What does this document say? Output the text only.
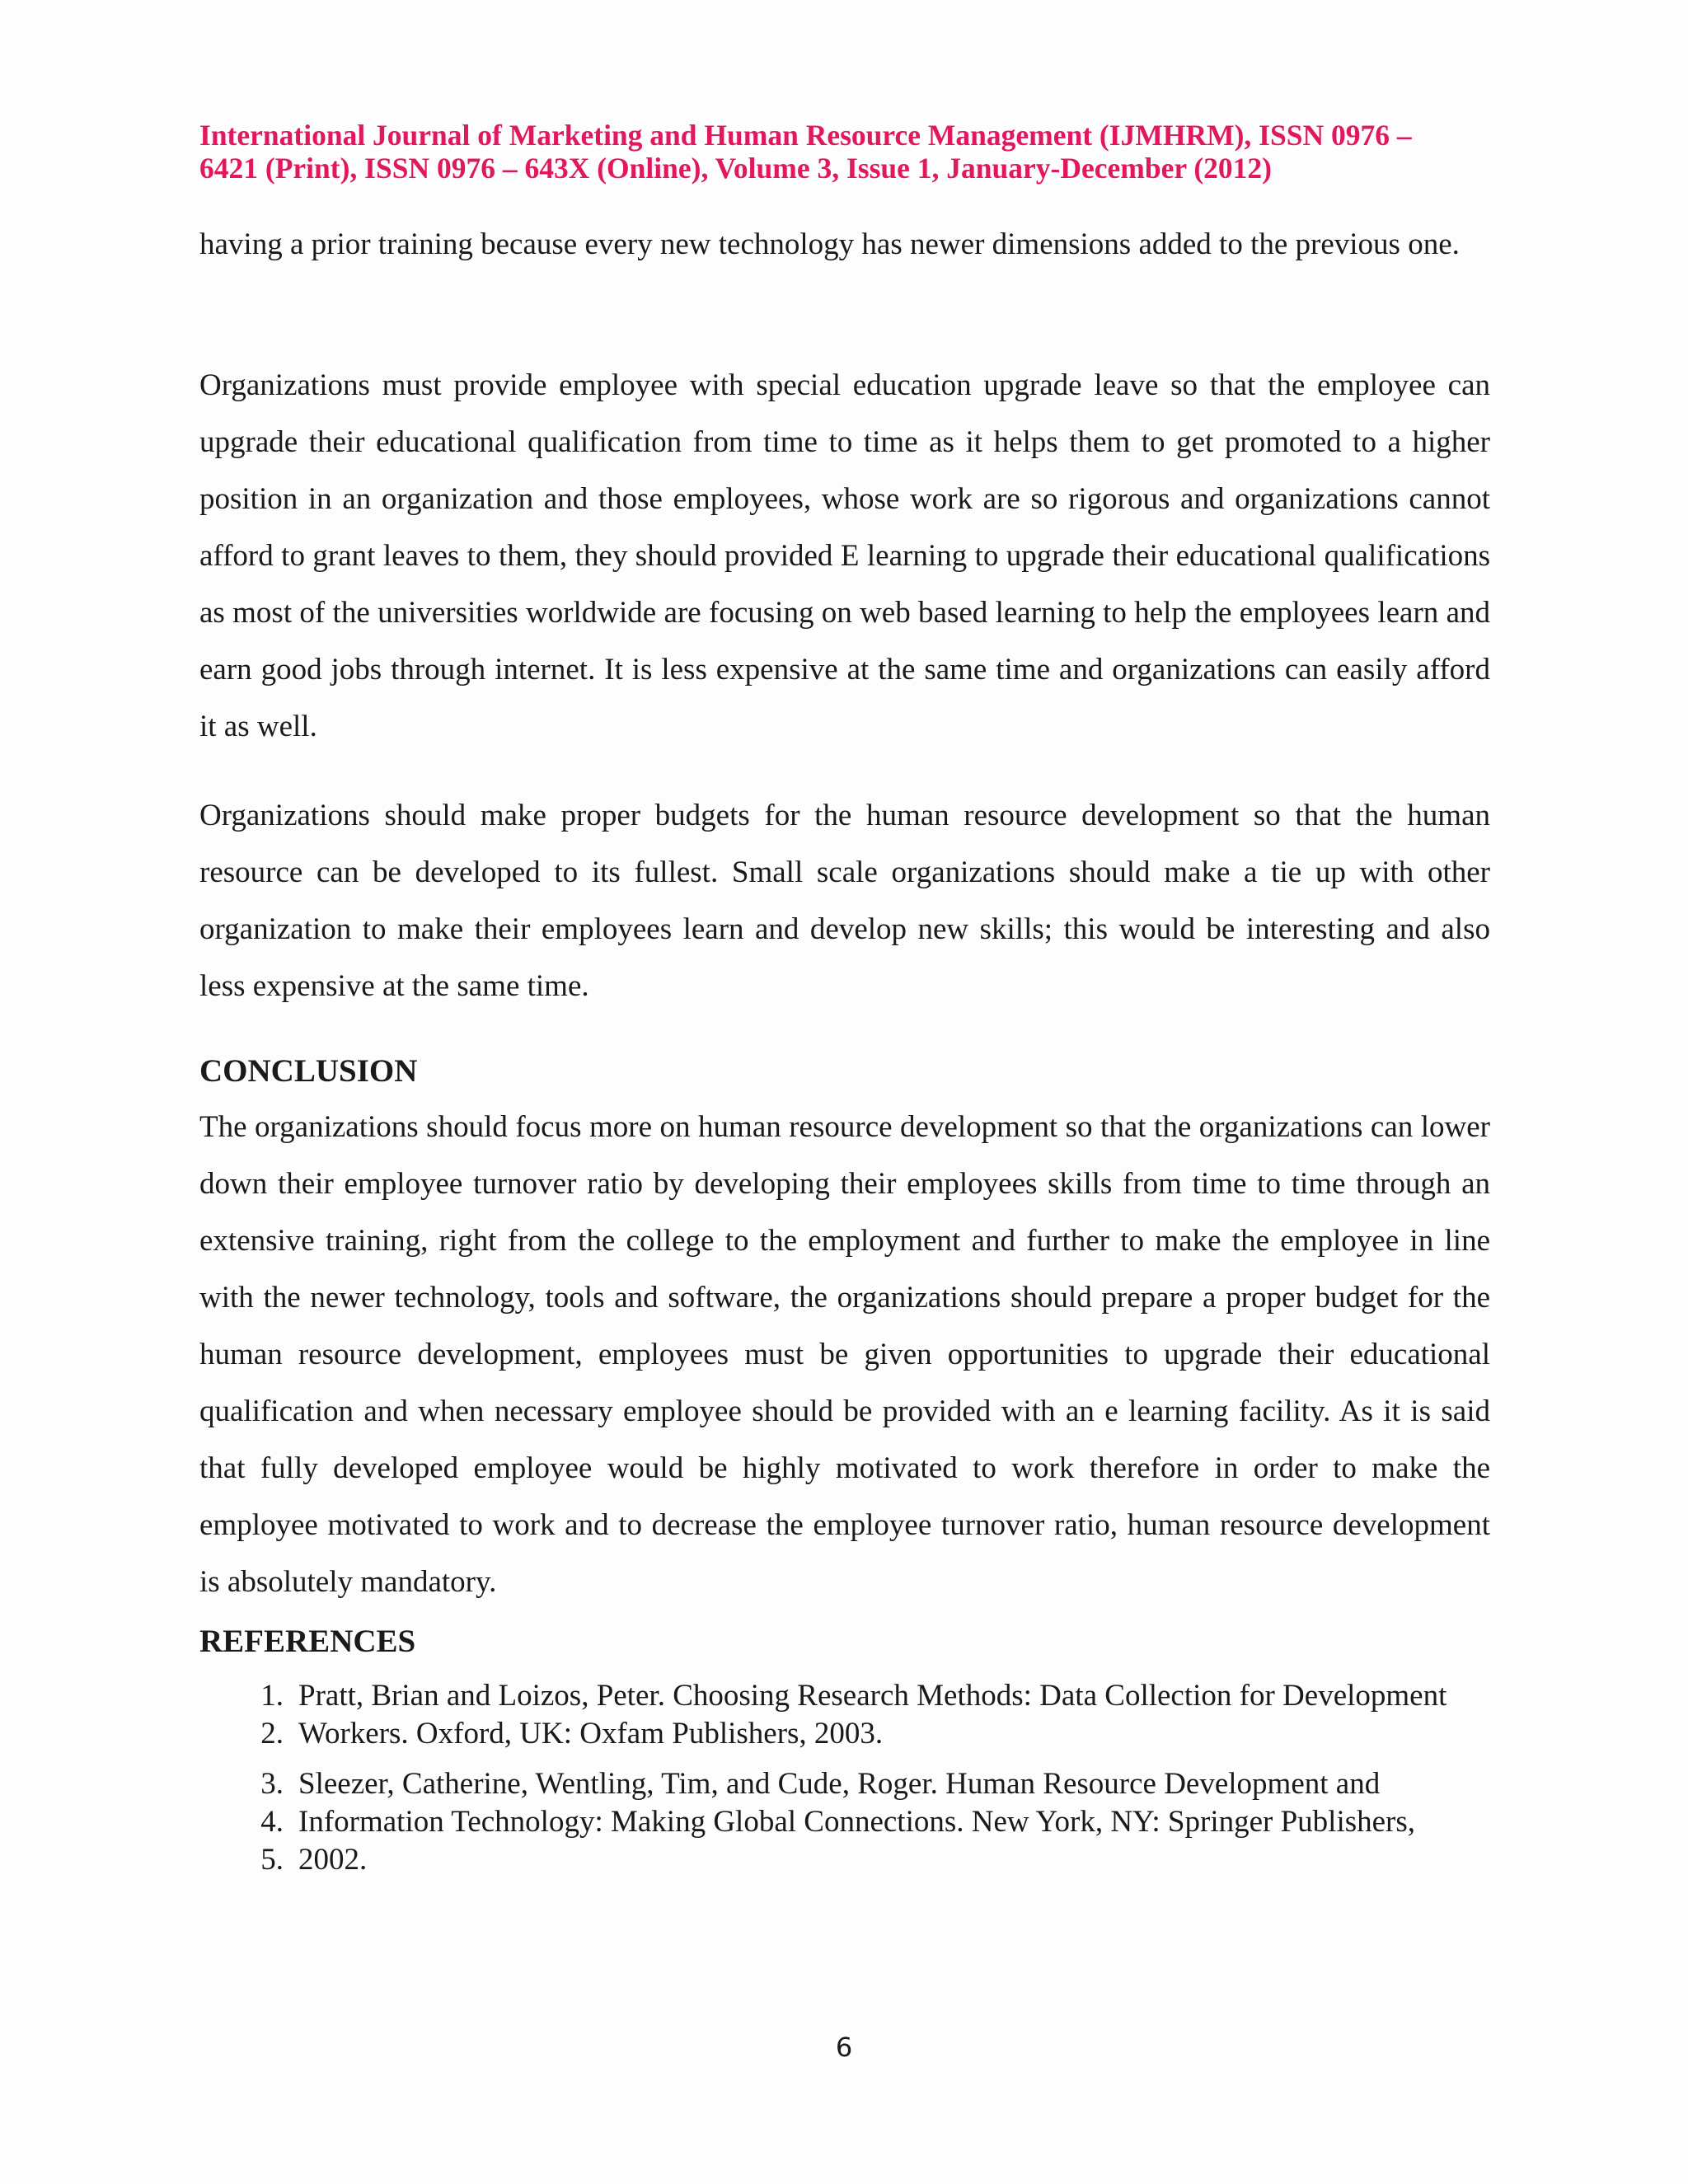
International Journal of Marketing and Human Resource Management (IJMHRM), ISSN 0976 –
6421 (Print), ISSN 0976 – 643X (Online), Volume 3, Issue 1, January-December (2012)

having a prior training because every new technology has newer dimensions added to the previous one.

Organizations must provide employee with special education upgrade leave so that the employee can upgrade their educational qualification from time to time as it helps them to get promoted to a higher position in an organization and those employees, whose work are so rigorous and organizations cannot afford to grant leaves to them, they should provided E learning to upgrade their educational qualifications as most of the universities worldwide are focusing on web based learning to help the employees learn and earn good jobs through internet. It is less expensive at the same time and organizations can easily afford it as well.

Organizations should make proper budgets for the human resource development so that the human resource can be developed to its fullest. Small scale organizations should make a tie up with other organization to make their employees learn and develop new skills; this would be interesting and also less expensive at the same time.

CONCLUSION

The organizations should focus more on human resource development so that the organizations can lower down their employee turnover ratio by developing their employees skills from time to time through an extensive training, right from the college to the employment and further to make the employee in line with the newer technology, tools and software, the organizations should prepare a proper budget for the human resource development, employees must be given opportunities to upgrade their educational qualification and when necessary employee should be provided with an e learning facility. As it is said that fully developed employee would be highly motivated to work therefore in order to make the employee motivated to work and to decrease the employee turnover ratio, human resource development is absolutely mandatory.

REFERENCES
1. Pratt, Brian and Loizos, Peter. Choosing Research Methods: Data Collection for Development
2. Workers. Oxford, UK: Oxfam Publishers, 2003.
3. Sleezer, Catherine, Wentling, Tim, and Cude, Roger. Human Resource Development and
4. Information Technology: Making Global Connections. New York, NY: Springer Publishers,
5. 2002.
6
